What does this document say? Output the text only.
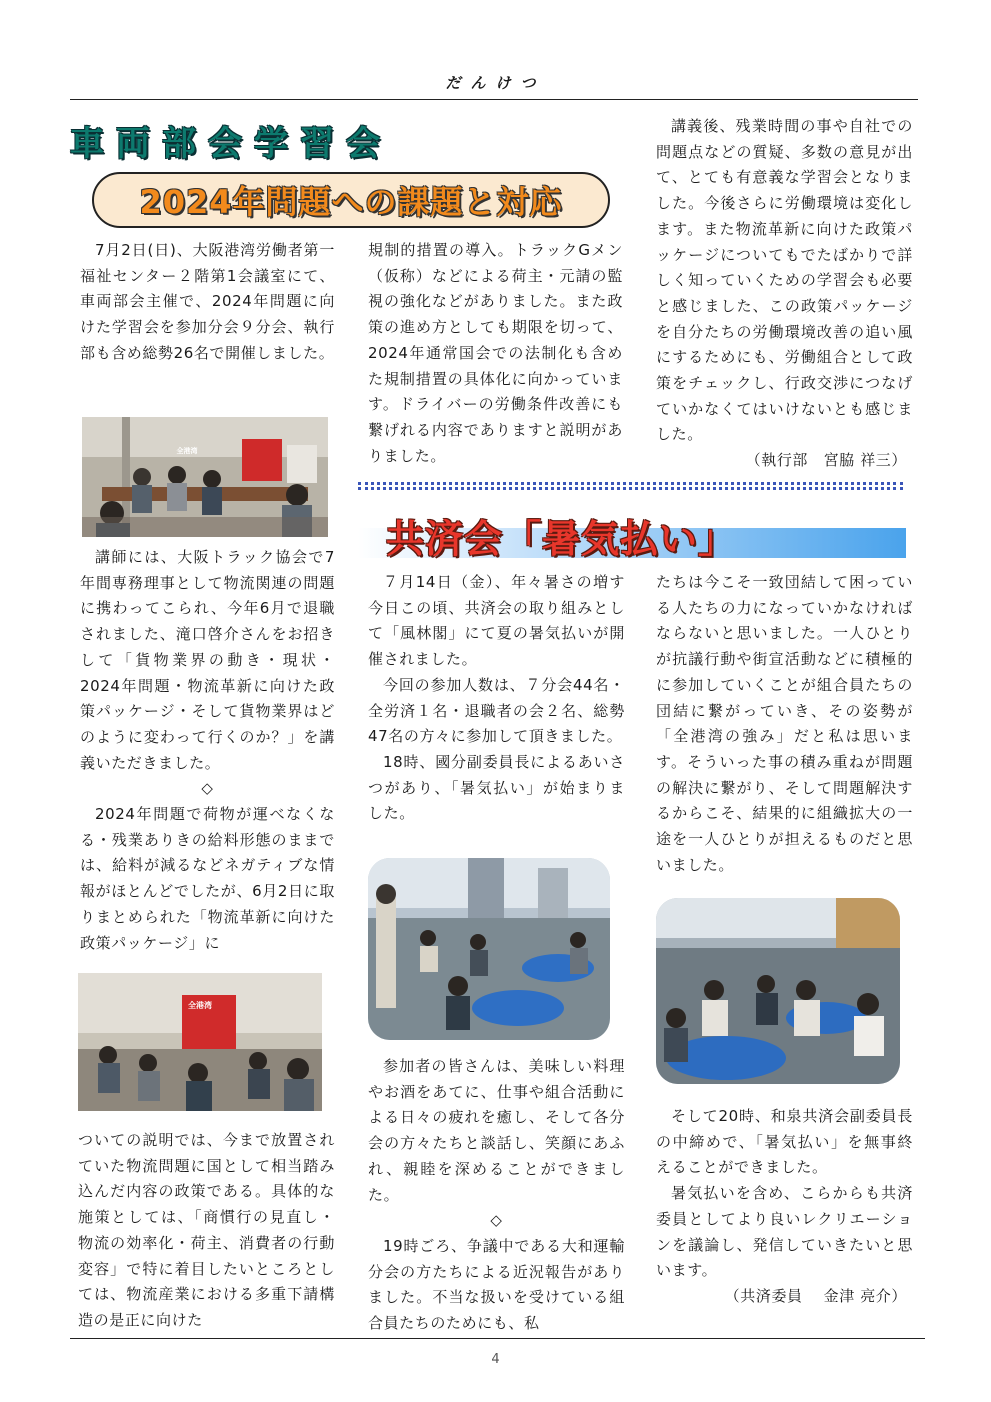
だんけつ
車両部会学習会
2024年問題への課題と対応

7月2日(日)、大阪港湾労働者第一福祉センター２階第1会議室にて、車両部会主催で、2024年問題に向けた学習会を参加分会９分会、執行部も含め総勢26名で開催しました。

全港湾

講師には、大阪トラック協会で7年間専務理事として物流関連の問題に携わってこられ、今年6月で退職されました、滝口啓介さんをお招きして「貨物業界の動き・現状・2024年問題・物流革新に向けた政策パッケージ・そして貨物業界はどのように変わって行くのか？」を講義いただきました。

◇

2024年問題で荷物が運べなくなる・残業ありきの給料形態のままでは、給料が減るなどネガティブな情報がほとんどでしたが、6月2日に取りまとめられた「物流革新に向けた政策パッケージ」に

全港湾

ついての説明では、今まで放置されていた物流問題に国として相当踏み込んだ内容の政策である。具体的な施策としては、「商慣行の見直し・物流の効率化・荷主、消費者の行動変容」で特に着目したいところとしては、物流産業における多重下請構造の是正に向けた

規制的措置の導入。トラックGメン（仮称）などによる荷主・元請の監視の強化などがありました。また政策の進め方としても期限を切って、2024年通常国会での法制化も含めた規制措置の具体化に向かっています。ドライバーの労働条件改善にも繋げれる内容でありますと説明がありました。

講義後、残業時間の事や自社での問題点などの質疑、多数の意見が出て、とても有意義な学習会となりました。今後さらに労働環境は変化します。また物流革新に向けた政策パッケージについてもでたばかりで詳しく知っていくための学習会も必要と感じました、この政策パッケージを自分たちの労働環境改善の追い風にするためにも、労働組合として政策をチェックし、行政交渉につなげていかなくてはいけないとも感じました。

（執行部　宮脇 祥三）

共済会「暑気払い」

７月14日（金）、年々暑さの増す今日この頃、共済会の取り組みとして「風林閣」にて夏の暑気払いが開催されました。

今回の参加人数は、７分会44名・全労済１名・退職者の会２名、総勢47名の方々に参加して頂きました。

18時、國分副委員長によるあいさつがあり、「暑気払い」が始まりました。

参加者の皆さんは、美味しい料理やお酒をあてに、仕事や組合活動による日々の疲れを癒し、そして各分会の方々たちと談話し、笑顔にあふれ、親睦を深めることができました。

◇

19時ごろ、争議中である大和運輸分会の方たちによる近況報告がありました。不当な扱いを受けている組合員たちのためにも、私

たちは今こそ一致団結して困っている人たちの力になっていかなければならないと思いました。一人ひとりが抗議行動や街宣活動などに積極的に参加していくことが組合員たちの団結に繋がっていき、その姿勢が「全港湾の強み」だと私は思います。そういった事の積み重ねが問題の解決に繋がり、そして問題解決するからこそ、結果的に組織拡大の一途を一人ひとりが担えるものだと思いました。

そして20時、和泉共済会副委員長の中締めで、「暑気払い」を無事終えることができました。

暑気払いを含め、こらからも共済委員としてより良いレクリエーションを議論し、発信していきたいと思います。

（共済委員　 金津 亮介）

4
